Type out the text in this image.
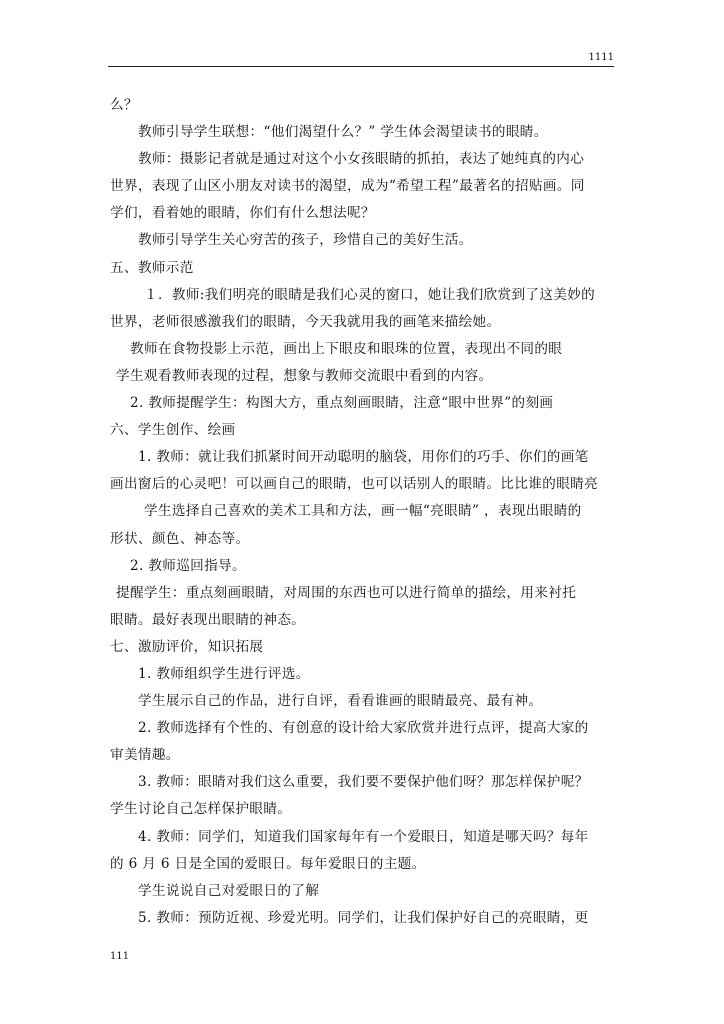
1111
么？
教师引导学生联想：“他们渴望什么？” 学生体会渴望读书的眼睛。
教师：摄影记者就是通过对这个小女孩眼睛的抓拍，表达了她纯真的内心
世界，表现了山区小朋友对读书的渴望，成为“希望工程”最著名的招贴画。同
学们，看着她的眼睛，你们有什么想法呢？
教师引导学生关心穷苦的孩子，珍惜自己的美好生活。
五、教师示范
１．教师:我们明亮的眼睛是我们心灵的窗口，她让我们欣赏到了这美妙的
世界，老师很感激我们的眼睛，今天我就用我的画笔来描绘她。
教师在食物投影上示范，画出上下眼皮和眼珠的位置，表现出不同的眼
学生观看教师表现的过程，想象与教师交流眼中看到的内容。
2. 教师提醒学生：构图大方，重点刻画眼睛，注意“眼中世界”的刻画
六、学生创作、绘画
1. 教师：就让我们抓紧时间开动聪明的脑袋，用你们的巧手、你们的画笔
画出窗后的心灵吧！可以画自己的眼睛，也可以话别人的眼睛。比比谁的眼睛亮
学生选择自己喜欢的美术工具和方法，画一幅“亮眼睛” ，表现出眼睛的
形状、颜色、神态等。
2. 教师巡回指导。
提醒学生：重点刻画眼睛，对周围的东西也可以进行简单的描绘，用来衬托
眼睛。最好表现出眼睛的神态。
七、激励评价，知识拓展
1. 教师组织学生进行评选。
学生展示自己的作品，进行自评，看看谁画的眼睛最亮、最有神。
2. 教师选择有个性的、有创意的设计给大家欣赏并进行点评，提高大家的
审美情趣。
3. 教师：眼睛对我们这么重要，我们要不要保护他们呀？那怎样保护呢？
学生讨论自己怎样保护眼睛。
4. 教师：同学们，知道我们国家每年有一个爱眼日，知道是哪天吗？每年
的 6 月 6 日是全国的爱眼日。每年爱眼日的主题。
学生说说自己对爱眼日的了解
5. 教师：预防近视、珍爱光明。同学们，让我们保护好自己的亮眼睛，更
111
